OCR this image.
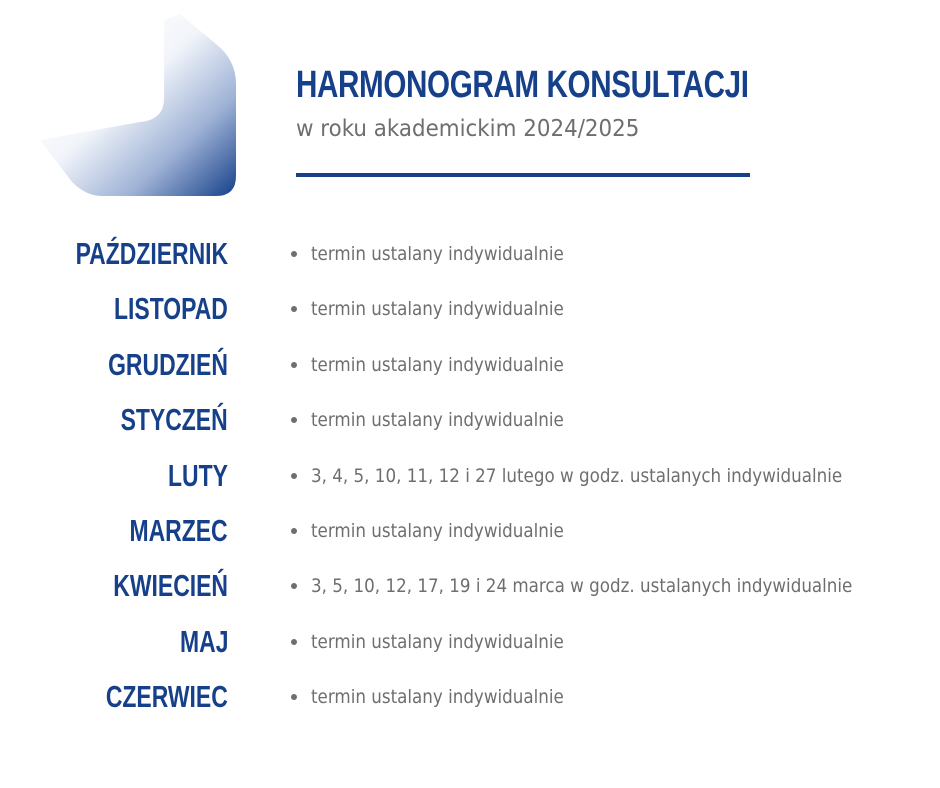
HARMONOGRAM KONSULTACJI
w roku akademickim 2024/2025
PAŹDZIERNIK	termin ustalany indywidualnie
LISTOPAD	termin ustalany indywidualnie
GRUDZIEŃ	termin ustalany indywidualnie
STYCZEŃ	termin ustalany indywidualnie
LUTY	3, 4, 5, 10, 11, 12 i 27 lutego w godz. ustalanych indywidualnie
MARZEC	termin ustalany indywidualnie
KWIECIEŃ	3, 5, 10, 12, 17, 19 i 24 marca w godz. ustalanych indywidualnie
MAJ	termin ustalany indywidualnie
CZERWIEC	termin ustalany indywidualnie
